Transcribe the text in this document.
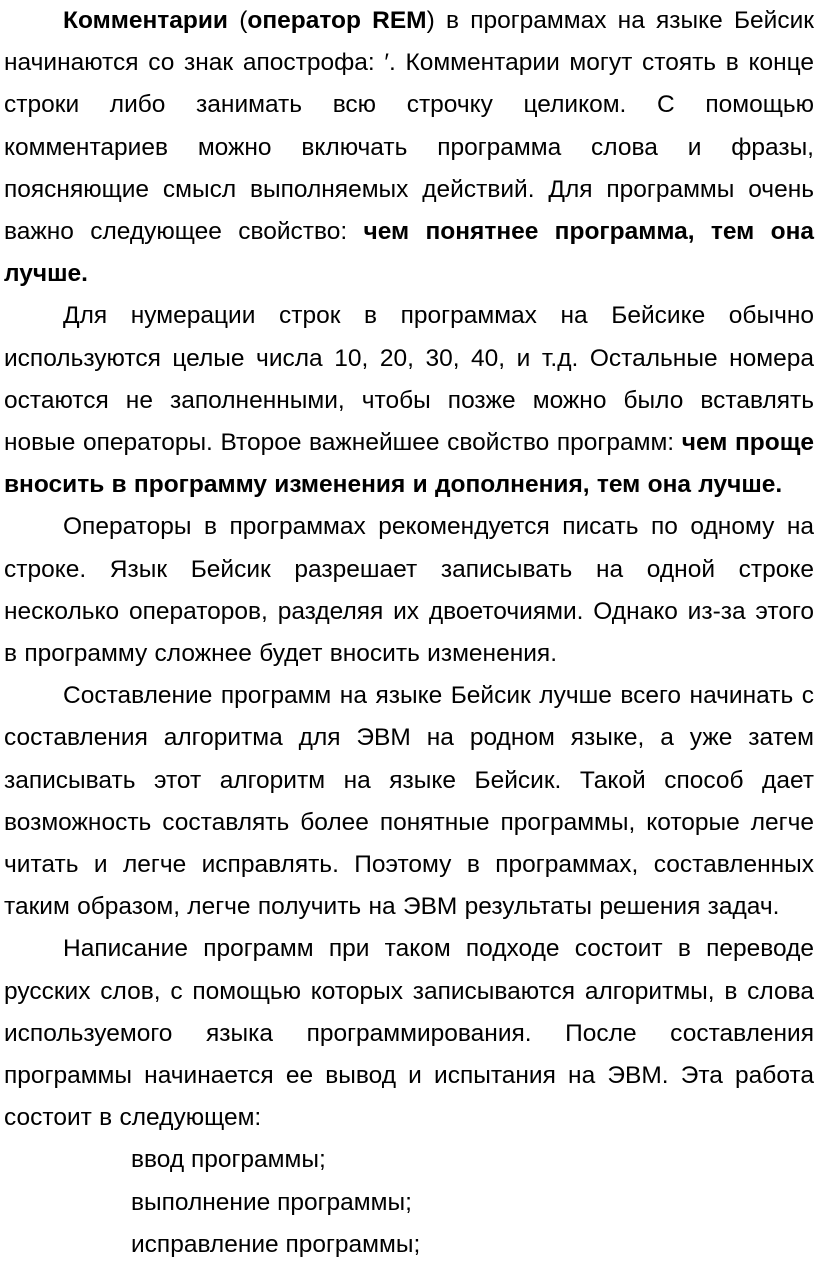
Комментарии (оператор REM) в программах на языке Бейсик начинаются со знак апострофа: ′. Комментарии могут стоять в конце строки либо занимать всю строчку целиком. С помощью комментариев можно включать программа слова и фразы, поясняющие смысл выполняемых действий. Для программы очень важно следующее свойство: чем понятнее программа, тем она лучше.

Для нумерации строк в программах на Бейсике обычно используются целые числа 10, 20, 30, 40, и т.д. Остальные номера остаются не заполненными, чтобы позже можно было вставлять новые операторы. Второе важнейшее свойство программ: чем проще вносить в программу изменения и дополнения, тем она лучше.

Операторы в программах рекомендуется писать по одному на строке. Язык Бейсик разрешает записывать на одной строке несколько операторов, разделяя их двоеточиями. Однако из-за этого в программу сложнее будет вносить изменения.

Составление программ на языке Бейсик лучше всего начинать с составления алгоритма для ЭВМ на родном языке, а уже затем записывать этот алгоритм на языке Бейсик. Такой способ дает возможность составлять более понятные программы, которые легче читать и легче исправлять. Поэтому в программах, составленных таким образом, легче получить на ЭВМ результаты решения задач.

Написание программ при таком подходе состоит в переводе русских слов, с помощью которых записываются алгоритмы, в слова используемого языка программирования. После составления программы начинается ее вывод и испытания на ЭВМ. Эта работа состоит в следующем:

ввод программы;
выполнение программы;
исправление программы;
